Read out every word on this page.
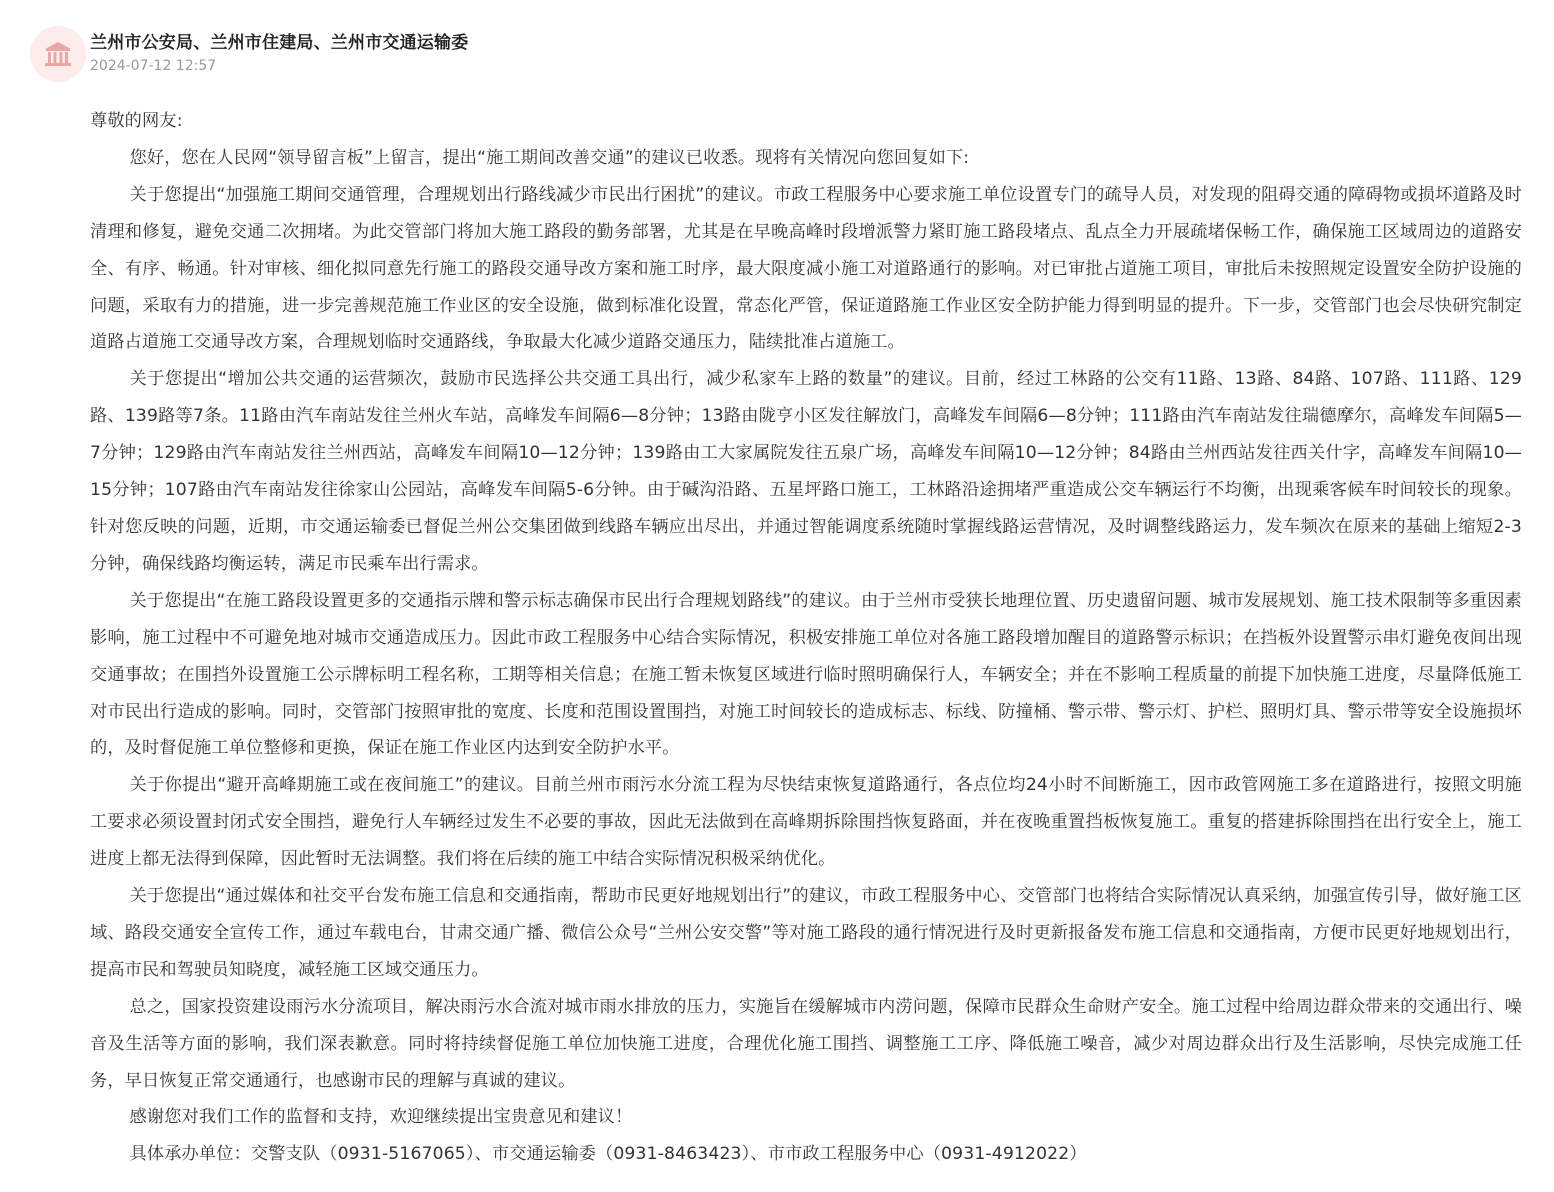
兰州市公安局、兰州市住建局、兰州市交通运输委
2024-07-12 12:57

尊敬的网友:

您好，您在人民网“领导留言板”上留言，提出“施工期间改善交通”的建议已收悉。现将有关情况向您回复如下:

关于您提出“加强施工期间交通管理，合理规划出行路线减少市民出行困扰”的建议。市政工程服务中心要求施工单位设置专门的疏导人员，对发现的阻碍交通的障碍物或损坏道路及时清理和修复，避免交通二次拥堵。为此交管部门将加大施工路段的勤务部署，尤其是在早晚高峰时段增派警力紧盯施工路段堵点、乱点全力开展疏堵保畅工作，确保施工区域周边的道路安全、有序、畅通。针对审核、细化拟同意先行施工的路段交通导改方案和施工时序，最大限度减小施工对道路通行的影响。对已审批占道施工项目，审批后未按照规定设置安全防护设施的问题，采取有力的措施，进一步完善规范施工作业区的安全设施，做到标准化设置，常态化严管，保证道路施工作业区安全防护能力得到明显的提升。下一步，交管部门也会尽快研究制定道路占道施工交通导改方案，合理规划临时交通路线，争取最大化减少道路交通压力，陆续批准占道施工。

关于您提出“增加公共交通的运营频次，鼓励市民选择公共交通工具出行，减少私家车上路的数量”的建议。目前，经过工林路的公交有11路、13路、84路、107路、111路、129路、139路等7条。11路由汽车南站发往兰州火车站，高峰发车间隔6—8分钟；13路由陇亨小区发往解放门，高峰发车间隔6—8分钟；111路由汽车南站发往瑞德摩尔，高峰发车间隔5—7分钟；129路由汽车南站发往兰州西站，高峰发车间隔10—12分钟；139路由工大家属院发往五泉广场，高峰发车间隔10—12分钟；84路由兰州西站发往西关什字，高峰发车间隔10—15分钟；107路由汽车南站发往徐家山公园站，高峰发车间隔5-6分钟。由于碱沟沿路、五星坪路口施工，工林路沿途拥堵严重造成公交车辆运行不均衡，出现乘客候车时间较长的现象。针对您反映的问题，近期，市交通运输委已督促兰州公交集团做到线路车辆应出尽出，并通过智能调度系统随时掌握线路运营情况，及时调整线路运力，发车频次在原来的基础上缩短2-3分钟，确保线路均衡运转，满足市民乘车出行需求。

关于您提出“在施工路段设置更多的交通指示牌和警示标志确保市民出行合理规划路线”的建议。由于兰州市受狭长地理位置、历史遗留问题、城市发展规划、施工技术限制等多重因素影响，施工过程中不可避免地对城市交通造成压力。因此市政工程服务中心结合实际情况，积极安排施工单位对各施工路段增加醒目的道路警示标识；在挡板外设置警示串灯避免夜间出现交通事故；在围挡外设置施工公示牌标明工程名称，工期等相关信息；在施工暂未恢复区域进行临时照明确保行人，车辆安全；并在不影响工程质量的前提下加快施工进度，尽量降低施工对市民出行造成的影响。同时，交管部门按照审批的宽度、长度和范围设置围挡，对施工时间较长的造成标志、标线、防撞桶、警示带、警示灯、护栏、照明灯具、警示带等安全设施损坏的，及时督促施工单位整修和更换，保证在施工作业区内达到安全防护水平。

关于你提出“避开高峰期施工或在夜间施工”的建议。目前兰州市雨污水分流工程为尽快结束恢复道路通行，各点位均24小时不间断施工，因市政管网施工多在道路进行，按照文明施工要求必须设置封闭式安全围挡，避免行人车辆经过发生不必要的事故，因此无法做到在高峰期拆除围挡恢复路面，并在夜晚重置挡板恢复施工。重复的搭建拆除围挡在出行安全上，施工进度上都无法得到保障，因此暂时无法调整。我们将在后续的施工中结合实际情况积极采纳优化。

关于您提出“通过媒体和社交平台发布施工信息和交通指南，帮助市民更好地规划出行”的建议，市政工程服务中心、交管部门也将结合实际情况认真采纳，加强宣传引导，做好施工区域、路段交通安全宣传工作，通过车载电台，甘肃交通广播、微信公众号“兰州公安交警”等对施工路段的通行情况进行及时更新报备发布施工信息和交通指南，方便市民更好地规划出行，提高市民和驾驶员知晓度，减轻施工区域交通压力。

总之，国家投资建设雨污水分流项目，解决雨污水合流对城市雨水排放的压力，实施旨在缓解城市内涝问题，保障市民群众生命财产安全。施工过程中给周边群众带来的交通出行、噪音及生活等方面的影响，我们深表歉意。同时将持续督促施工单位加快施工进度，合理优化施工围挡、调整施工工序、降低施工噪音，减少对周边群众出行及生活影响，尽快完成施工任务，早日恢复正常交通通行，也感谢市民的理解与真诚的建议。

感谢您对我们工作的监督和支持，欢迎继续提出宝贵意见和建议！

具体承办单位：交警支队（0931-5167065）、市交通运输委（0931-8463423）、市市政工程服务中心（0931-4912022）
